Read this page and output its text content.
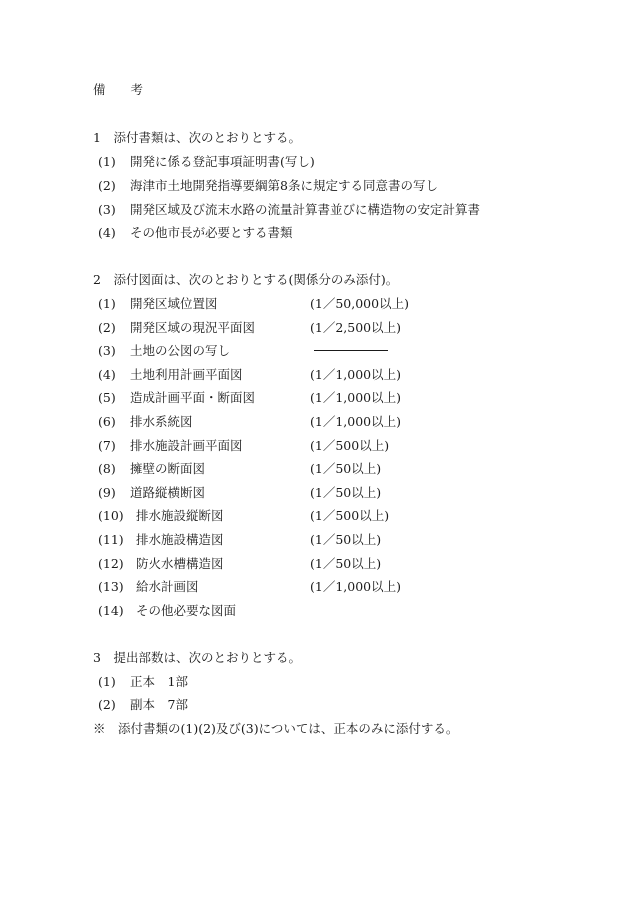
備　　考
1　添付書類は、次のとおりとする。
(1) 開発に係る登記事項証明書(写し)
(2) 海津市土地開発指導要綱第8条に規定する同意書の写し
(3) 開発区域及び流末水路の流量計算書並びに構造物の安定計算書
(4) その他市長が必要とする書類
2　添付図面は、次のとおりとする(関係分のみ添付)。
(1) 開発区域位置図	(1／50,000以上)
(2) 開発区域の現況平面図	(1／2,500以上)
(3) 土地の公図の写し
(4) 土地利用計画平面図	(1／1,000以上)
(5) 造成計画平面・断面図	(1／1,000以上)
(6) 排水系統図	(1／1,000以上)
(7) 排水施設計画平面図	(1／500以上)
(8) 擁壁の断面図	(1／50以上)
(9) 道路縦横断図	(1／50以上)
(10) 排水施設縦断図	(1／500以上)
(11) 排水施設構造図	(1／50以上)
(12) 防火水槽構造図	(1／50以上)
(13) 給水計画図	(1／1,000以上)
(14) その他必要な図面
3　提出部数は、次のとおりとする。
(1) 正本　1部
(2) 副本　7部
※　添付書類の(1)(2)及び(3)については、正本のみに添付する。
